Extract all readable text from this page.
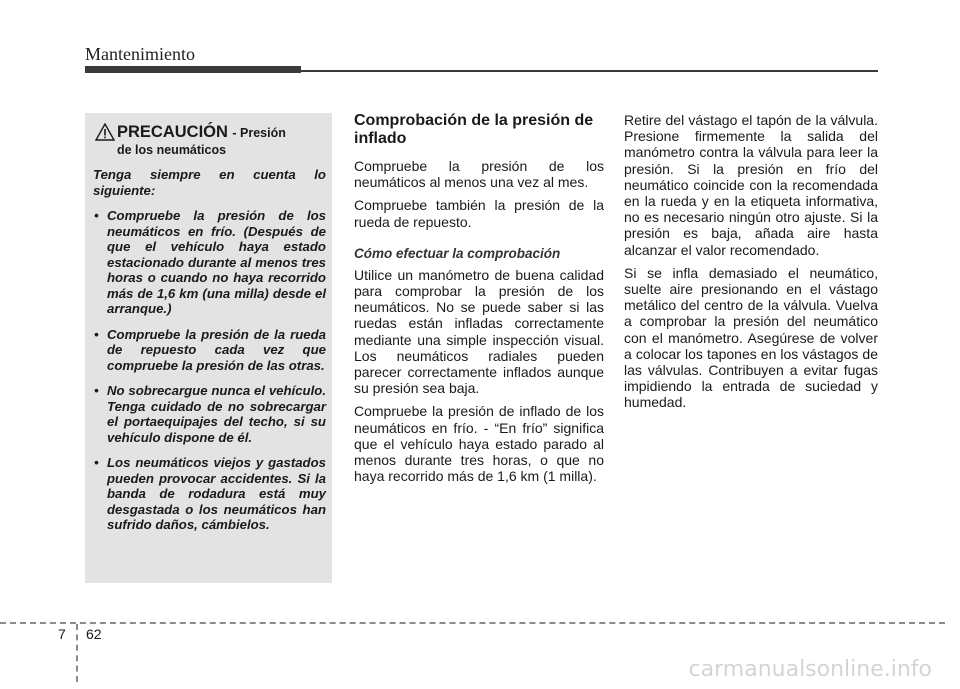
Mantenimiento
PRECAUCIÓN - Presión
de los neumáticos

Tenga siempre en cuenta lo siguiente:

• Compruebe la presión de los neumáticos en frío. (Después de que el vehículo haya estado estacionado durante al menos tres horas o cuando no haya recorrido más de 1,6 km (una milla) desde el arranque.)
• Compruebe la presión de la rueda de repuesto cada vez que compruebe la presión de las otras.
• No sobrecargue nunca el vehículo. Tenga cuidado de no sobrecargar el portaequipajes del techo, si su vehículo dispone de él.
• Los neumáticos viejos y gastados pueden provocar accidentes. Si la banda de rodadura está muy desgastada o los neumáticos han sufrido daños, cámbielos.
Comprobación de la presión de inflado

Compruebe la presión de los neumáticos al menos una vez al mes.

Compruebe también la presión de la rueda de repuesto.

Cómo efectuar la comprobación

Utilice un manómetro de buena calidad para comprobar la presión de los neumáticos. No se puede saber si las ruedas están infladas correctamente mediante una simple inspección visual. Los neumáticos radiales pueden parecer correctamente inflados aunque su presión sea baja.

Compruebe la presión de inflado de los neumáticos en frío. - “En frío” significa que el vehículo haya estado parado al menos durante tres horas, o que no haya recorrido más de 1,6 km (1 milla).

Retire del vástago el tapón de la válvula. Presione firmemente la salida del manómetro contra la válvula para leer la presión. Si la presión en frío del neumático coincide con la recomendada en la rueda y en la etiqueta informativa, no es necesario ningún otro ajuste. Si la presión es baja, añada aire hasta alcanzar el valor recomendado.

Si se infla demasiado el neumático, suelte aire presionando en el vástago metálico del centro de la válvula. Vuelva a comprobar la presión del neumático con el manómetro. Asegúrese de volver a colocar los tapones en los vástagos de las válvulas. Contribuyen a evitar fugas impidiendo la entrada de suciedad y humedad.

7 62
carmanualsonline.info
